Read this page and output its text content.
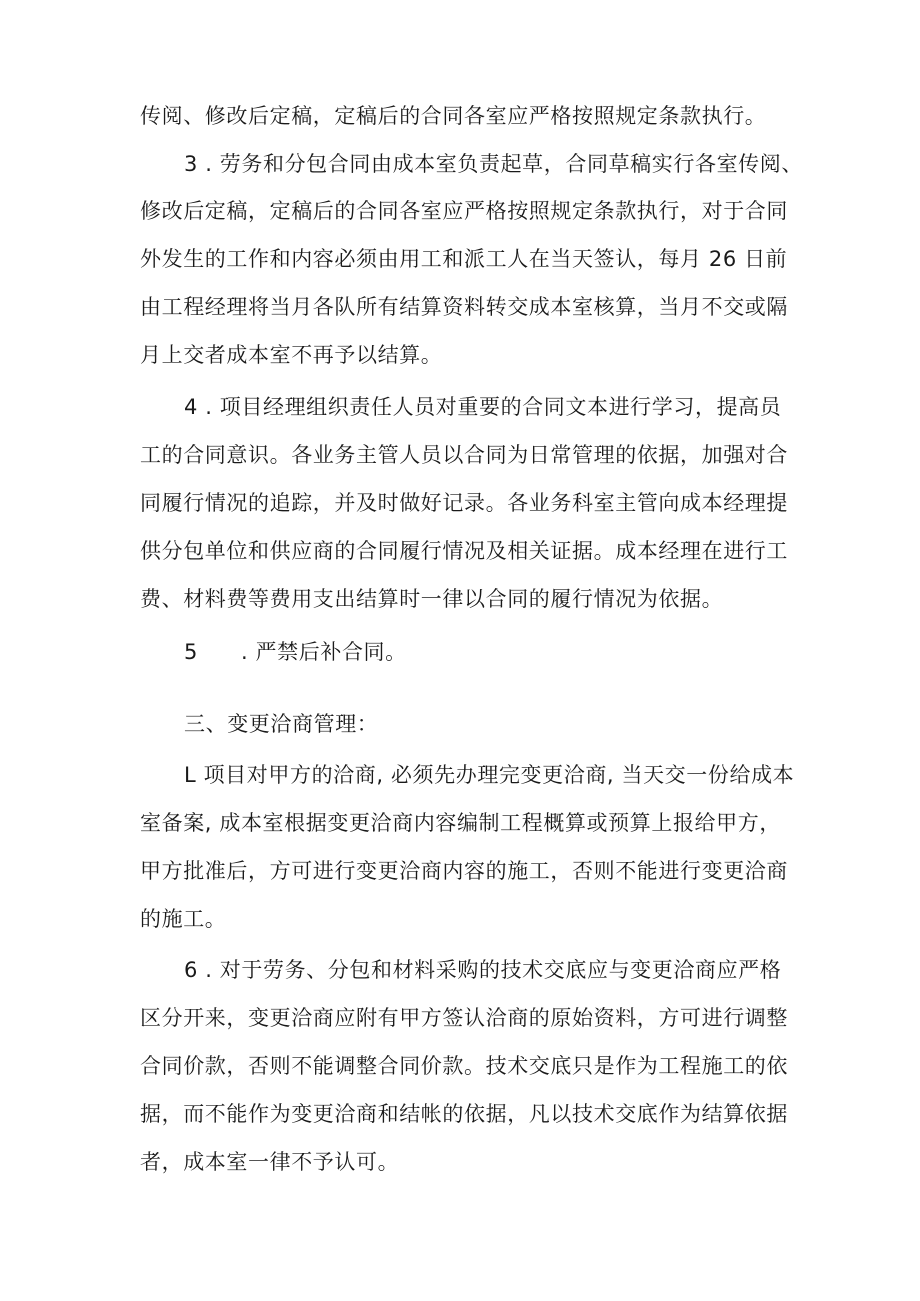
传阅、修改后定稿，定稿后的合同各室应严格按照规定条款执行。
3 . 劳务和分包合同由成本室负责起草，合同草稿实行各室传阅、
修改后定稿，定稿后的合同各室应严格按照规定条款执行，对于合同
外发生的工作和内容必须由用工和派工人在当天签认，每月 26 日前
由工程经理将当月各队所有结算资料转交成本室核算，当月不交或隔
月上交者成本室不再予以结算。
4 . 项目经理组织责任人员对重要的合同文本进行学习，提高员
工的合同意识。各业务主管人员以合同为日常管理的依据，加强对合
同履行情况的追踪，并及时做好记录。各业务科室主管向成本经理提
供分包单位和供应商的合同履行情况及相关证据。成本经理在进行工
费、材料费等费用支出结算时一律以合同的履行情况为依据。
5 . 严禁后补合同。
三、变更洽商管理：
L 项目对甲方的洽商, 必须先办理完变更洽商, 当天交一份给成本
室备案, 成本室根据变更洽商内容编制工程概算或预算上报给甲方，
甲方批准后，方可进行变更洽商内容的施工，否则不能进行变更洽商
的施工。
6 . 对于劳务、分包和材料采购的技术交底应与变更洽商应严格
区分开来，变更洽商应附有甲方签认洽商的原始资料，方可进行调整
合同价款，否则不能调整合同价款。技术交底只是作为工程施工的依
据，而不能作为变更洽商和结帐的依据，凡以技术交底作为结算依据
者，成本室一律不予认可。
